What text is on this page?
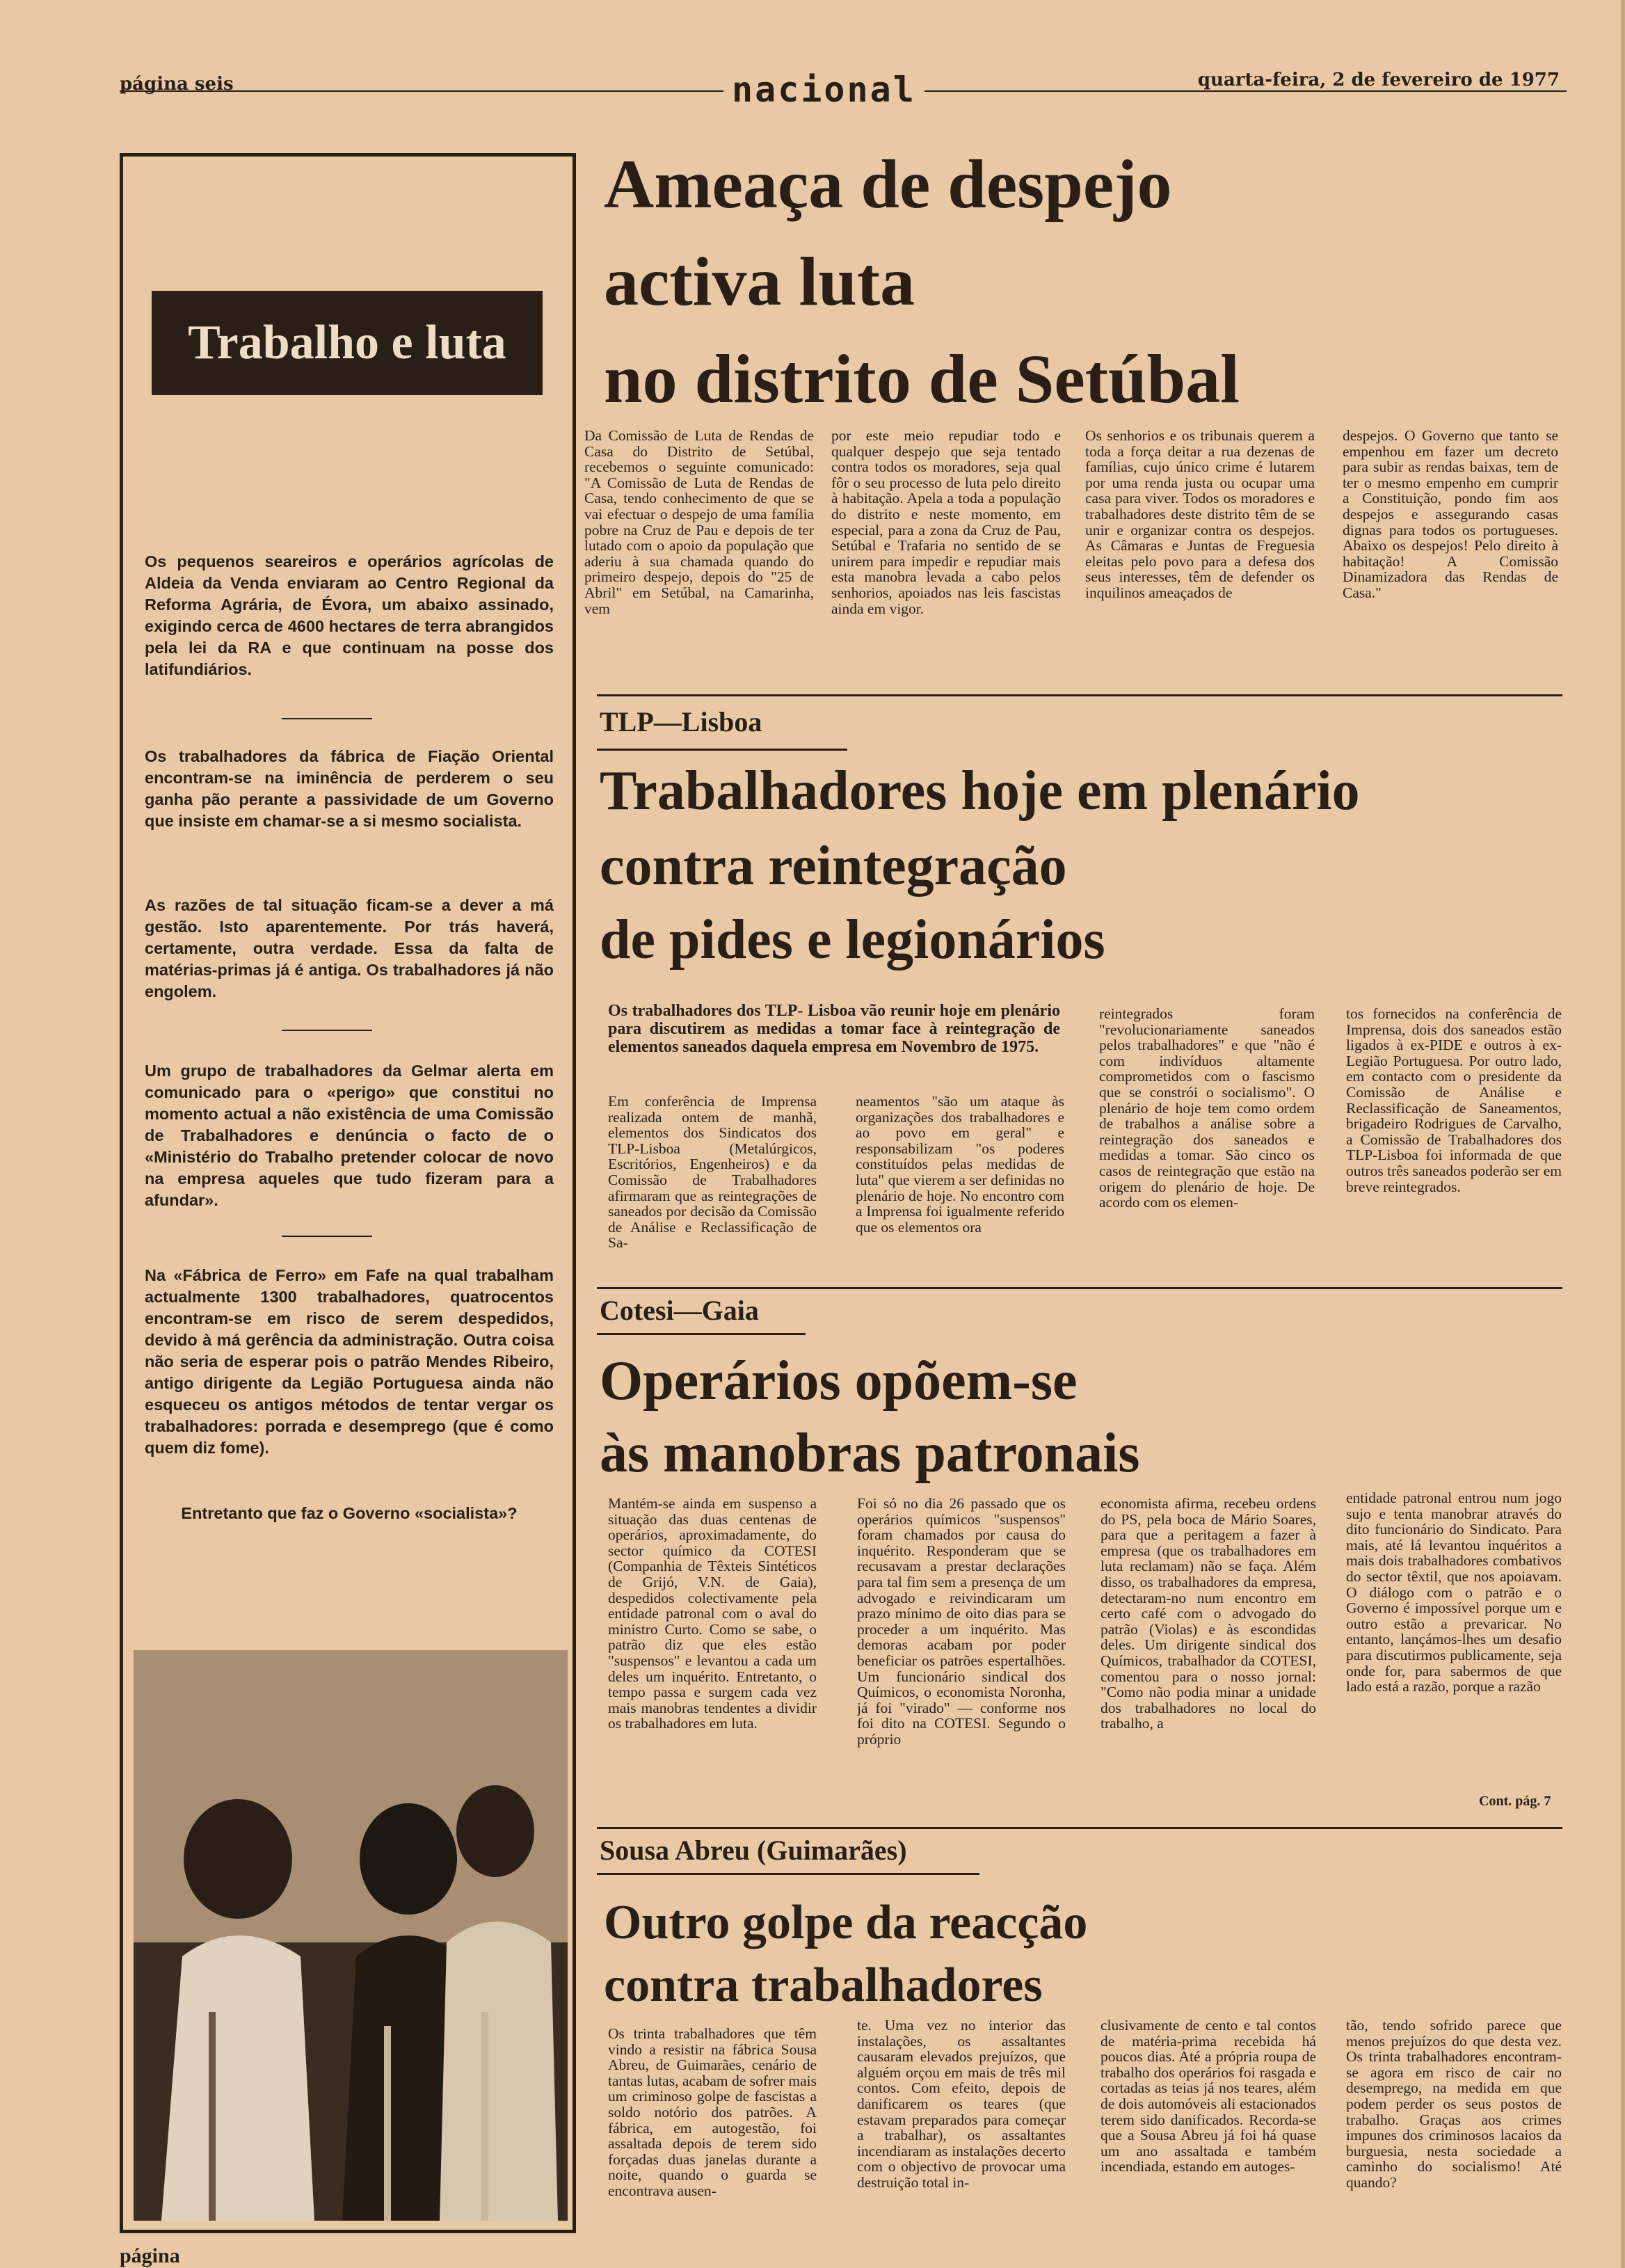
página seis	nacional	quarta-feira, 2 de fevereiro de 1977
Trabalho e luta
Os pequenos seareiros e operários agrícolas de Aldeia da Venda enviaram ao Centro Regional da Reforma Agrária, de Évora, um abaixo assinado, exigindo cerca de 4600 hectares de terra abrangidos pela lei da RA e que continuam na posse dos latifundiários.
Os trabalhadores da fábrica de Fiação Oriental encontram-se na iminência de perderem o seu ganha pão perante a passividade de um Governo que insiste em chamar-se a si mesmo socialista.
As razões de tal situação ficam-se a dever a má gestão. Isto aparentemente. Por trás haverá, certamente, outra verdade. Essa da falta de matérias-primas já é antiga. Os trabalhadores já não engolem.
Um grupo de trabalhadores da Gelmar alerta em comunicado para o «perigo» que constitui no momento actual a não existência de uma Comissão de Trabalhadores e denúncia o facto de o «Ministério do Trabalho pretender colocar de novo na empresa aqueles que tudo fizeram para a afundar».
Na «Fábrica de Ferro» em Fafe na qual trabalham actualmente 1300 trabalhadores, quatrocentos encontram-se em risco de serem despedidos, devido à má gerência da administração. Outra coisa não seria de esperar pois o patrão Mendes Ribeiro, antigo dirigente da Legião Portuguesa ainda não esqueceu os antigos métodos de tentar vergar os trabalhadores: porrada e desemprego (que é como quem diz fome).
Entretanto que faz o Governo «socialista»?
Ameaça de despejo
activa luta
no distrito de Setúbal
Da Comissão de Luta de Rendas de Casa do Distrito de Setúbal, recebemos o seguinte comunicado: "A Comissão de Luta de Rendas de Casa, tendo conhecimento de que se vai efectuar o despejo de uma família pobre na Cruz de Pau e depois de ter lutado com o apoio da população que aderiu à sua chamada quando do primeiro despejo, depois do "25 de Abril" em Setúbal, na Camarinha, vem
por este meio repudiar todo e qualquer despejo que seja tentado contra todos os moradores, seja qual fôr o seu processo de luta pelo direito à habitação. Apela a toda a população do distrito e neste momento, em especial, para a zona da Cruz de Pau, Setúbal e Trafaria no sentido de se unirem para impedir e repudiar mais esta manobra levada a cabo pelos senhorios, apoiados nas leis fascistas ainda em vigor.
Os senhorios e os tribunais querem a toda a força deitar a rua dezenas de famílias, cujo único crime é lutarem por uma renda justa ou ocupar uma casa para viver. Todos os moradores e trabalhadores deste distrito têm de se unir e organizar contra os despejos. As Câmaras e Juntas de Freguesia eleitas pelo povo para a defesa dos seus interesses, têm de defender os inquilinos ameaçados de
despejos. O Governo que tanto se empenhou em fazer um decreto para subir as rendas baixas, tem de ter o mesmo empenho em cumprir a Constituição, pondo fim aos despejos e assegurando casas dignas para todos os portugueses. Abaixo os despejos! Pelo direito à habitação! A Comissão Dinamizadora das Rendas de Casa."
TLP—Lisboa
Trabalhadores hoje em plenário
contra reintegração
de pides e legionários
Os trabalhadores dos TLP- Lisboa vão reunir hoje em plenário para discutirem as medidas a tomar face à reintegração de elementos saneados daquela empresa em Novembro de 1975.
Em conferência de Imprensa realizada ontem de manhã, elementos dos Sindicatos dos TLP-Lisboa (Metalúrgicos, Escritórios, Engenheiros) e da Comissão de Trabalhadores afirmaram que as reintegrações de saneados por decisão da Comissão de Análise e Reclassificação de Sa-
neamentos "são um ataque às organizações dos trabalhadores e ao povo em geral" e responsabilizam "os poderes constituídos pelas medidas de luta" que vierem a ser definidas no plenário de hoje. No encontro com a Imprensa foi igualmente referido que os elementos ora
reintegrados foram "revolucionariamente saneados pelos trabalhadores" e que "não é com indivíduos altamente comprometidos com o fascismo que se constrói o socialismo". O plenário de hoje tem como ordem de trabalhos a análise sobre a reintegração dos saneados e medidas a tomar. São cinco os casos de reintegração que estão na origem do plenário de hoje. De acordo com os elemen-
tos fornecidos na conferência de Imprensa, dois dos saneados estão ligados à ex-PIDE e outros à ex-Legião Portuguesa. Por outro lado, em contacto com o presidente da Comissão de Análise e Reclassificação de Saneamentos, brigadeiro Rodrigues de Carvalho, a Comissão de Trabalhadores dos TLP-Lisboa foi informada de que outros três saneados poderão ser em breve reintegrados.
Cotesi—Gaia
Operários opõem-se
às manobras patronais
Mantém-se ainda em suspenso a situação das duas centenas de operários, aproximadamente, do sector químico da COTESI (Companhia de Têxteis Sintéticos de Grijó, V.N. de Gaia), despedidos colectivamente pela entidade patronal com o aval do ministro Curto. Como se sabe, o patrão diz que eles estão "suspensos" e levantou a cada um deles um inquérito. Entretanto, o tempo passa e surgem cada vez mais manobras tendentes a dividir os trabalhadores em luta.
Foi só no dia 26 passado que os operários químicos "suspensos" foram chamados por causa do inquérito. Responderam que se recusavam a prestar declarações para tal fim sem a presença de um advogado e reivindicaram um prazo mínimo de oito dias para se proceder a um inquérito. Mas demoras acabam por poder beneficiar os patrões espertalhões. Um funcionário sindical dos Químicos, o economista Noronha, já foi "virado" — conforme nos foi dito na COTESI. Segundo o próprio
economista afirma, recebeu ordens do PS, pela boca de Mário Soares, para que a peritagem a fazer à empresa (que os trabalhadores em luta reclamam) não se faça. Além disso, os trabalhadores da empresa, detectaram-no num encontro em certo café com o advogado do patrão (Violas) e às escondidas deles. Um dirigente sindical dos Químicos, trabalhador da COTESI, comentou para o nosso jornal: "Como não podia minar a unidade dos trabalhadores no local do trabalho, a
entidade patronal entrou num jogo sujo e tenta manobrar através do dito funcionário do Sindicato. Para mais, até lá levantou inquéritos a mais dois trabalhadores combativos do sector têxtil, que nos apoiavam. O diálogo com o patrão e o Governo é impossível porque um e outro estão a prevaricar. No entanto, lançámos-lhes um desafio para discutirmos publicamente, seja onde for, para sabermos de que lado está a razão, porque a razão
Cont. pág. 7
Sousa Abreu (Guimarães)
Outro golpe da reacção
contra trabalhadores
Os trinta trabalhadores que têm vindo a resistir na fábrica Sousa Abreu, de Guimarães, cenário de tantas lutas, acabam de sofrer mais um criminoso golpe de fascistas a soldo notório dos patrões. A fábrica, em autogestão, foi assaltada depois de terem sido forçadas duas janelas durante a noite, quando o guarda se encontrava ausen-
te. Uma vez no interior das instalações, os assaltantes causaram elevados prejuízos, que alguém orçou em mais de três mil contos. Com efeito, depois de danificarem os teares (que estavam preparados para começar a trabalhar), os assaltantes incendiaram as instalações decerto com o objectivo de provocar uma destruição total in-
clusivamente de cento e tal contos de matéria-prima recebida há poucos dias. Até a própria roupa de trabalho dos operários foi rasgada e cortadas as teias já nos teares, além de dois automóveis ali estacionados terem sido danificados. Recorda-se que a Sousa Abreu já foi há quase um ano assaltada e também incendiada, estando em autoges-
tão, tendo sofrido parece que menos prejuízos do que desta vez. Os trinta trabalhadores encontram-se agora em risco de cair no desemprego, na medida em que podem perder os seus postos de trabalho. Graças aos crimes impunes dos criminosos lacaios da burguesia, nesta sociedade a caminho do socialismo! Até quando?
página
